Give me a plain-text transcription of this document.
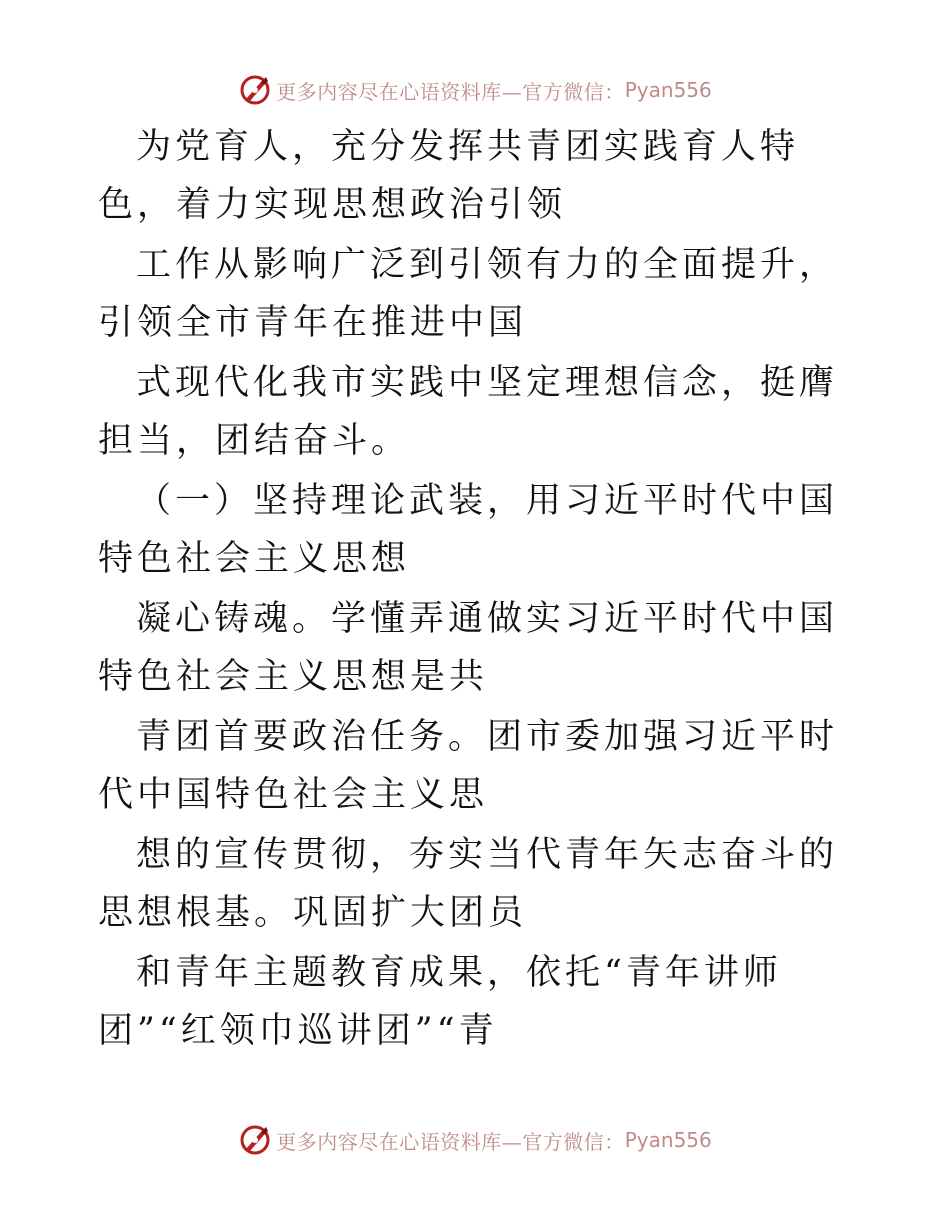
更多内容尽在心语资料库—官方微信： Pyan556

为党育人，充分发挥共青团实践育人特色，着力实现思想政治引领

工作从影响广泛到引领有力的全面提升，引领全市青年在推进中国

式现代化我市实践中坚定理想信念，挺膺担当，团结奋斗。

（一）坚持理论武装，用习近平时代中国特色社会主义思想

凝心铸魂。学懂弄通做实习近平时代中国特色社会主义思想是共

青团首要政治任务。团市委加强习近平时代中国特色社会主义思

想的宣传贯彻，夯实当代青年矢志奋斗的思想根基。巩固扩大团员

和青年主题教育成果，依托“青年讲师团”“红领巾巡讲团”“青

更多内容尽在心语资料库—官方微信： Pyan556
